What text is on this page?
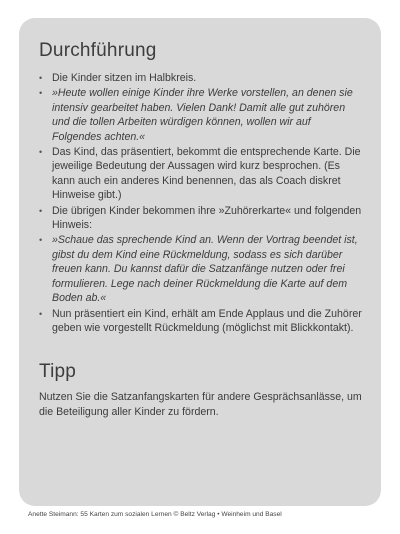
Durchführung
• Die Kinder sitzen im Halbkreis.
• »Heute wollen einige Kinder ihre Werke vorstellen, an denen sie intensiv gearbeitet haben. Vielen Dank! Damit alle gut zuhören und die tollen Arbeiten würdigen können, wollen wir auf Folgendes achten.«
• Das Kind, das präsentiert, bekommt die entsprechende Karte. Die jeweilige Bedeutung der Aussagen wird kurz besprochen. (Es kann auch ein anderes Kind benennen, das als Coach diskret Hinweise gibt.)
• Die übrigen Kinder bekommen ihre »Zuhörerkarte« und folgenden Hinweis:
• »Schaue das sprechende Kind an. Wenn der Vortrag beendet ist, gibst du dem Kind eine Rückmeldung, sodass es sich darüber freuen kann. Du kannst dafür die Satzanfänge nutzen oder frei formulieren. Lege nach deiner Rückmeldung die Karte auf dem Boden ab.«
• Nun präsentiert ein Kind, erhält am Ende Applaus und die Zuhörer geben wie vorgestellt Rückmeldung (möglichst mit Blickkontakt).
Tipp

Nutzen Sie die Satzanfangskarten für andere Gesprächsanlässe, um die Beteiligung aller Kinder zu fördern.

Anette Steimann: 55 Karten zum sozialen Lernen © Beltz Verlag • Weinheim und Basel
